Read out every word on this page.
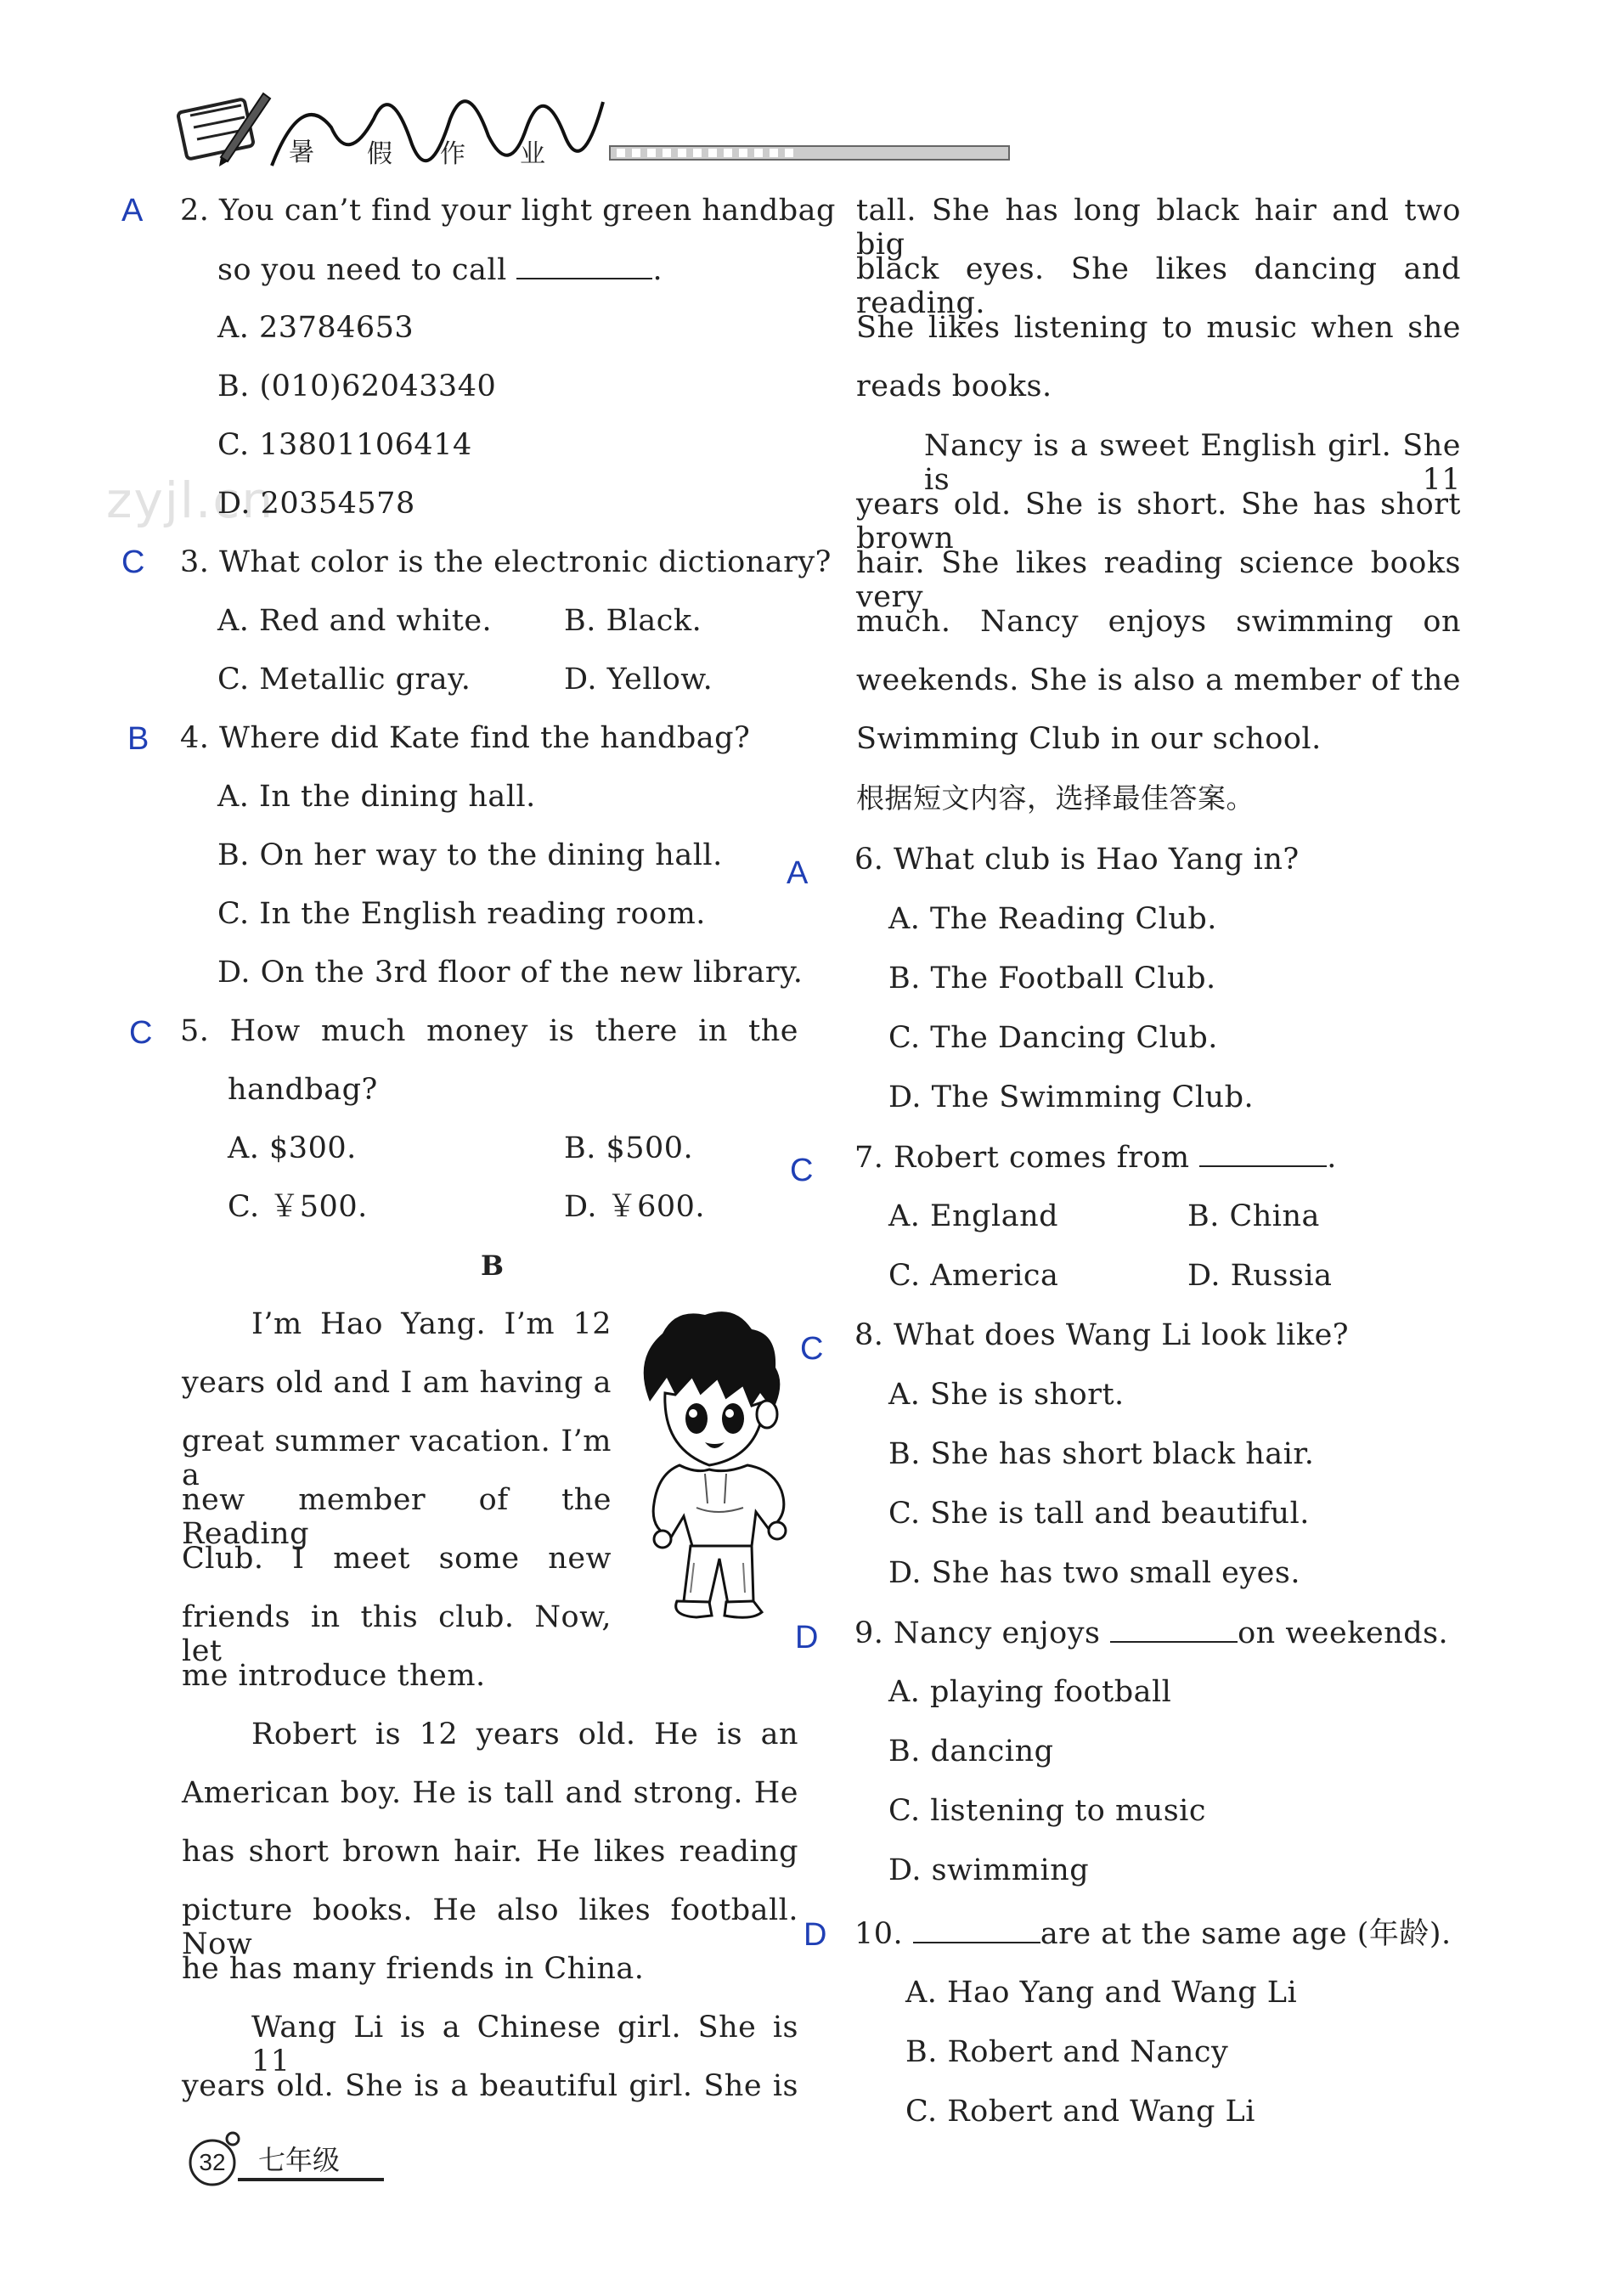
暑 假 作 业
zyjl.cn
A 2. You can’t find your light green handbag
so you need to call	.
A. 23784653
B. (010)62043340
C. 13801106414
D. 20354578
C 3. What color is the electronic dictionary?
A. Red and white. B. Black.
C. Metallic gray.	D. Yellow.
B 4. Where did Kate find the handbag?
A. In the dining hall.
B. On her way to the dining hall.
C. In the English reading room.
D. On the 3rd floor of the new library.
C 5. How much money is there in the
handbag?
A. $300.	B. $500.
C. ￥500.	D. ￥600.
B
I’m Hao Yang. I’m 12
years old and I am having a
great summer vacation. I’m a
new member of the Reading
Club. I meet some new
friends in this club. Now, let
me introduce them.
Robert is 12 years old. He is an
American boy. He is tall and strong. He
has short brown hair. He likes reading
picture books. He also likes football. Now
he has many friends in China.
Wang Li is a Chinese girl. She is 11
years old. She is a beautiful girl. She is
tall. She has long black hair and two big
black eyes. She likes dancing and reading.
She likes listening to music when she
reads books.
Nancy is a sweet English girl. She is 11
years old. She is short. She has short brown
hair. She likes reading science books very
much. Nancy enjoys swimming on
weekends. She is also a member of the
Swimming Club in our school.
根据短文内容，选择最佳答案。
A 6. What club is Hao Yang in?
A. The Reading Club.
B. The Football Club.
C. The Dancing Club.
D. The Swimming Club.
C 7. Robert comes from	.
A. England	B. China
C. America	D. Russia
C 8. What does Wang Li look like?
A. She is short.
B. She has short black hair.
C. She is tall and beautiful.
D. She has two small eyes.
D 9. Nancy enjoys	on weekends.
A. playing football
B. dancing
C. listening to music
D. swimming
D 10.	are at the same age (年龄).
A. Hao Yang and Wang Li
B. Robert and Nancy
C. Robert and Wang Li
32	七年级
